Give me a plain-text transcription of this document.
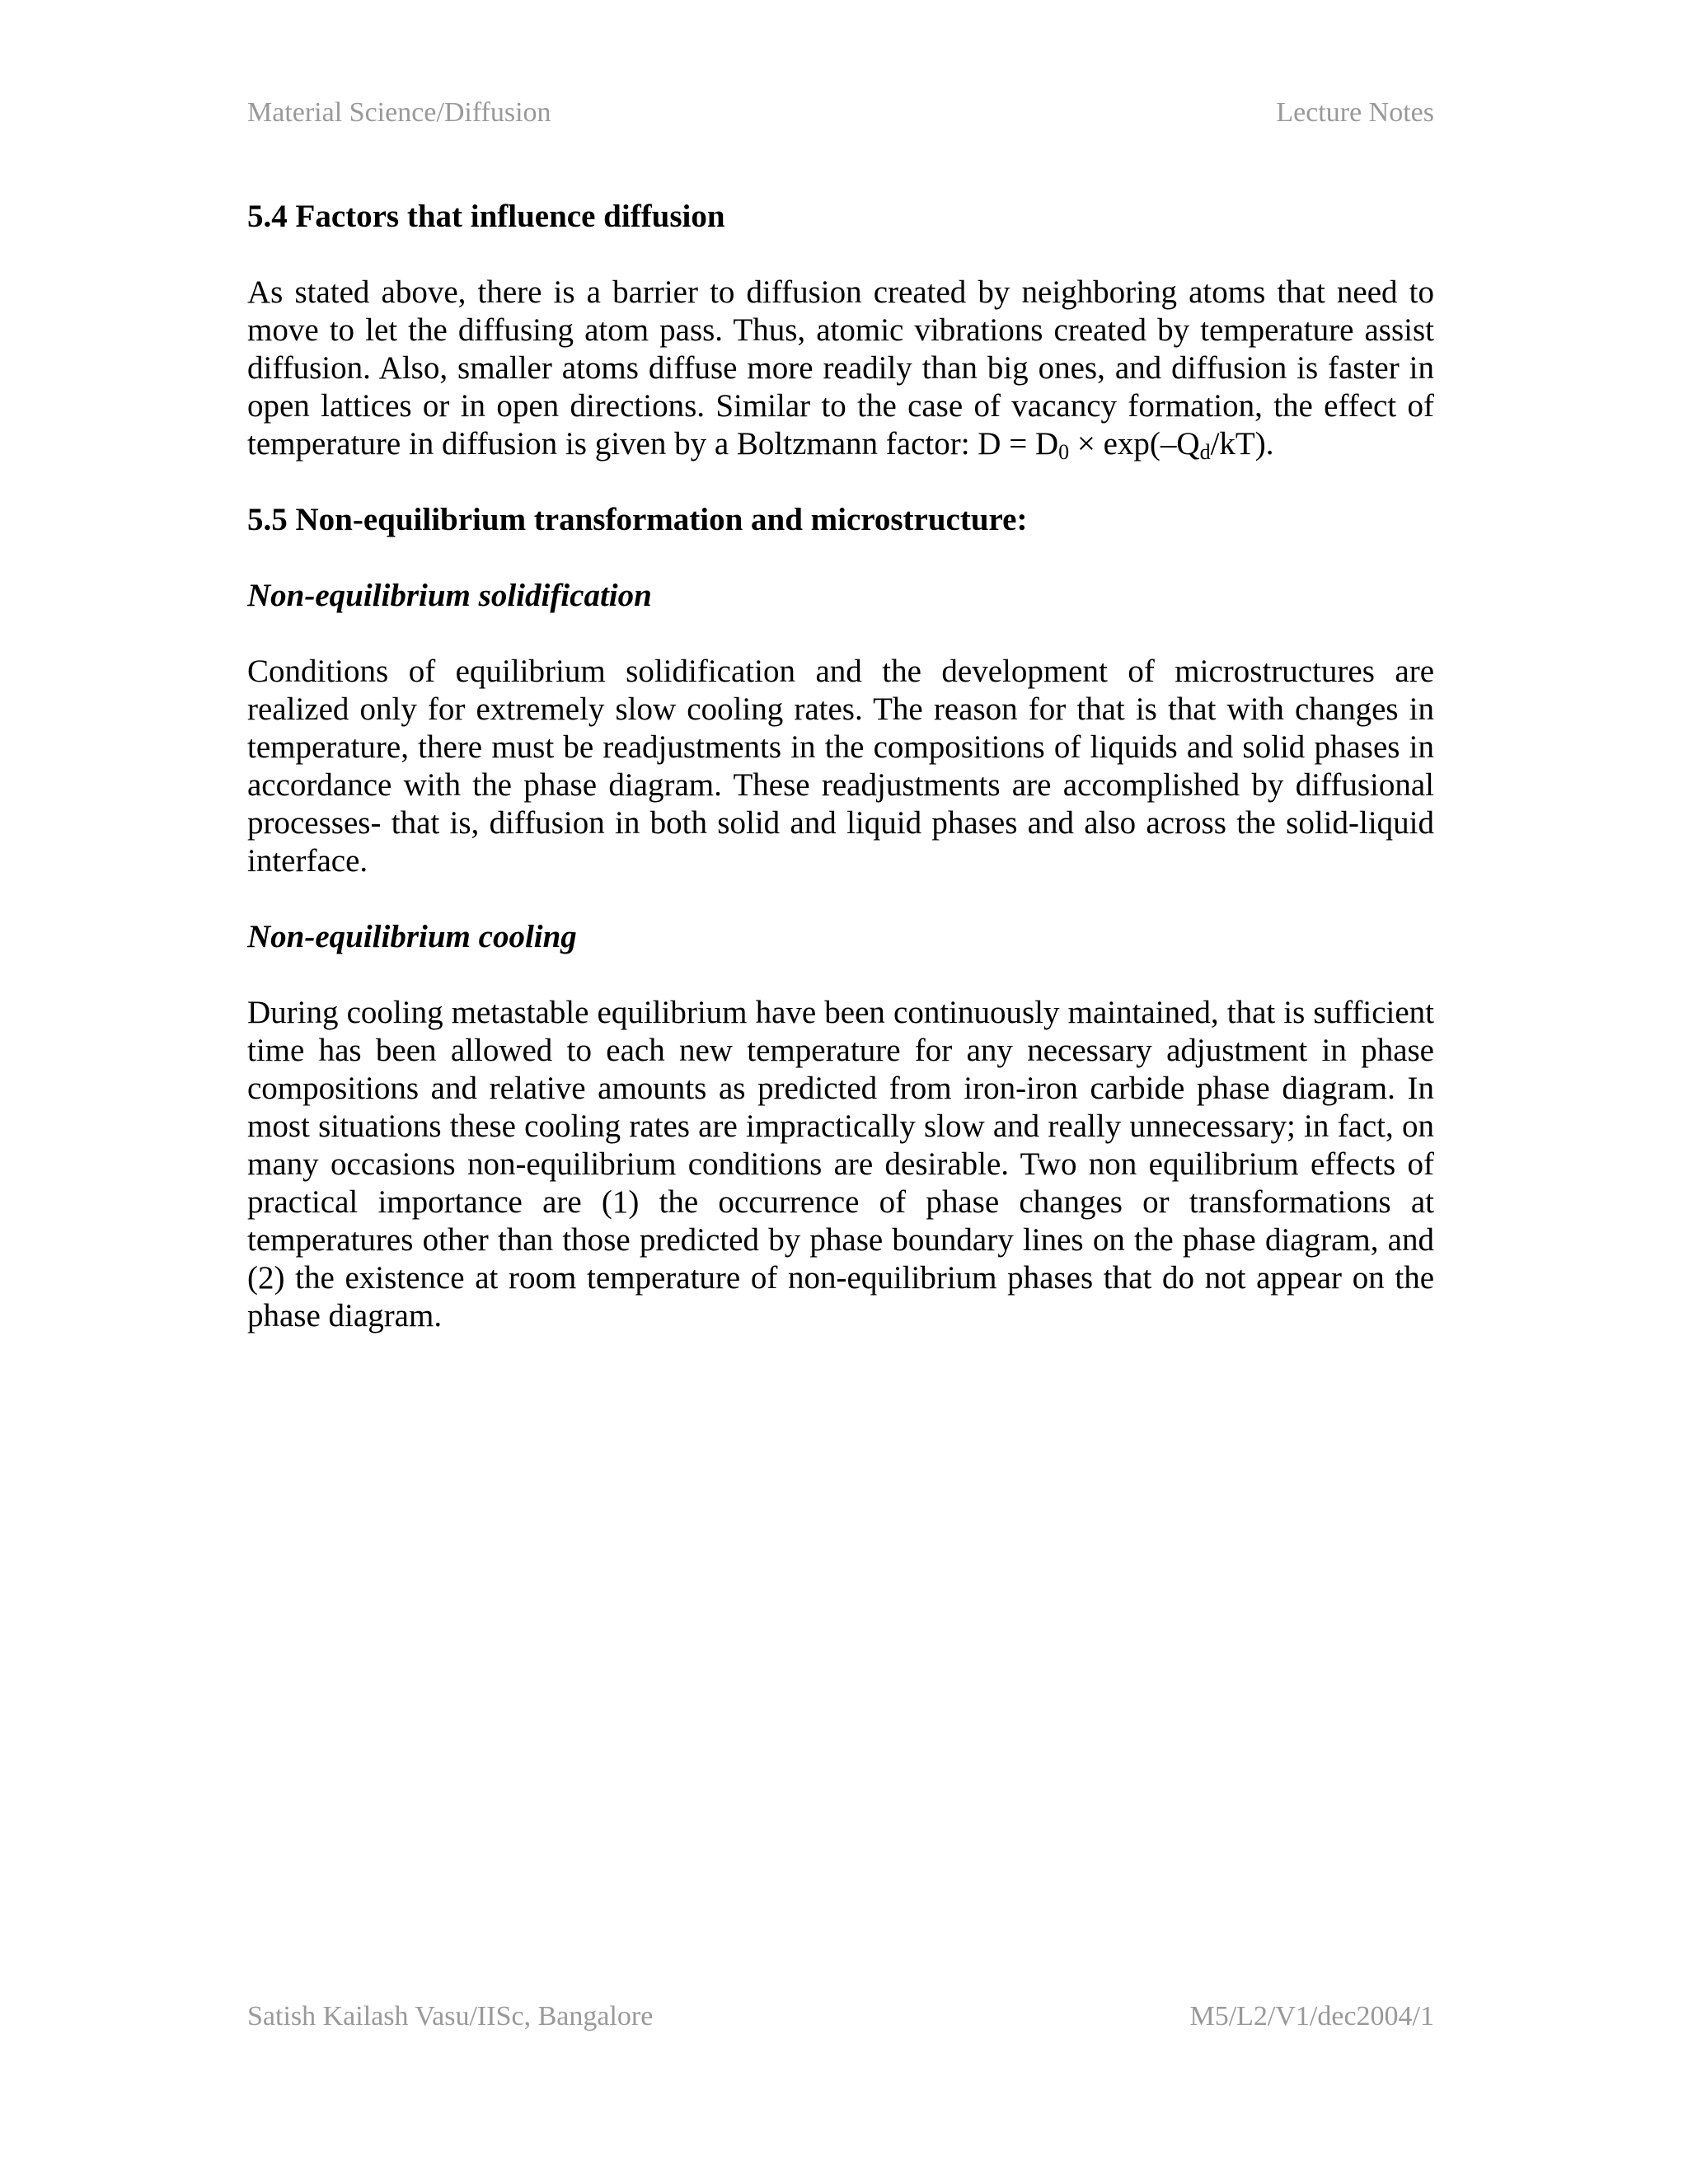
Material Science/Diffusion	Lecture Notes
5.4 Factors that influence diffusion

As stated above, there is a barrier to diffusion created by neighboring atoms that need to move to let the diffusing atom pass. Thus, atomic vibrations created by temperature assist diffusion. Also, smaller atoms diffuse more readily than big ones, and diffusion is faster in open lattices or in open directions. Similar to the case of vacancy formation, the effect of temperature in diffusion is given by a Boltzmann factor: $D = D_0 \times \exp(-Q_d/kT)$.

5.5 Non-equilibrium transformation and microstructure:
Non-equilibrium solidification

Conditions of equilibrium solidification and the development of microstructures are realized only for extremely slow cooling rates. The reason for that is that with changes in temperature, there must be readjustments in the compositions of liquids and solid phases in accordance with the phase diagram. These readjustments are accomplished by diffusional processes- that is, diffusion in both solid and liquid phases and also across the solid-liquid interface.

Non-equilibrium cooling

During cooling metastable equilibrium have been continuously maintained, that is sufficient time has been allowed to each new temperature for any necessary adjustment in phase compositions and relative amounts as predicted from iron-iron carbide phase diagram. In most situations these cooling rates are impractically slow and really unnecessary; in fact, on many occasions non-equilibrium conditions are desirable. Two non equilibrium effects of practical importance are (1) the occurrence of phase changes or transformations at temperatures other than those predicted by phase boundary lines on the phase diagram, and (2) the existence at room temperature of non-equilibrium phases that do not appear on the phase diagram.

Satish Kailash Vasu/IISc, Bangalore	M5/L2/V1/dec2004/1
